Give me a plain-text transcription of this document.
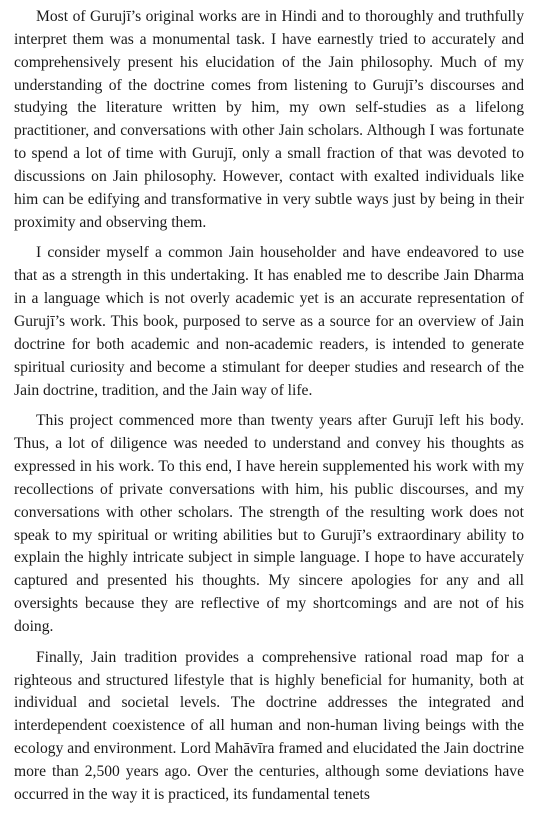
Most of Gurujī’s original works are in Hindi and to thoroughly and truthfully interpret them was a monumental task. I have earnestly tried to accurately and comprehensively present his elucidation of the Jain philosophy. Much of my understanding of the doctrine comes from listening to Gurujī’s discourses and studying the literature written by him, my own self-studies as a lifelong practitioner, and conversations with other Jain scholars. Although I was fortunate to spend a lot of time with Gurujī, only a small fraction of that was devoted to discussions on Jain philosophy. However, contact with exalted individuals like him can be edifying and transformative in very subtle ways just by being in their proximity and observing them.

I consider myself a common Jain householder and have endeavored to use that as a strength in this undertaking. It has enabled me to describe Jain Dharma in a language which is not overly academic yet is an accurate representation of Gurujī’s work. This book, purposed to serve as a source for an overview of Jain doctrine for both academic and non-academic readers, is intended to generate spiritual curiosity and become a stimulant for deeper studies and research of the Jain doctrine, tradition, and the Jain way of life.

This project commenced more than twenty years after Gurujī left his body. Thus, a lot of diligence was needed to understand and convey his thoughts as expressed in his work. To this end, I have herein supplemented his work with my recollections of private conversations with him, his public discourses, and my conversations with other scholars. The strength of the resulting work does not speak to my spiritual or writing abilities but to Gurujī’s extraordinary ability to explain the highly intricate subject in simple language. I hope to have accurately captured and presented his thoughts. My sincere apologies for any and all oversights because they are reflective of my shortcomings and are not of his doing.

Finally, Jain tradition provides a comprehensive rational road map for a righteous and structured lifestyle that is highly beneficial for humanity, both at individual and societal levels. The doctrine addresses the integrated and interdependent coexistence of all human and non-human living beings with the ecology and environment. Lord Mahāvīra framed and elucidated the Jain doctrine more than 2,500 years ago. Over the centuries, although some deviations have occurred in the way it is practiced, its fundamental tenets
